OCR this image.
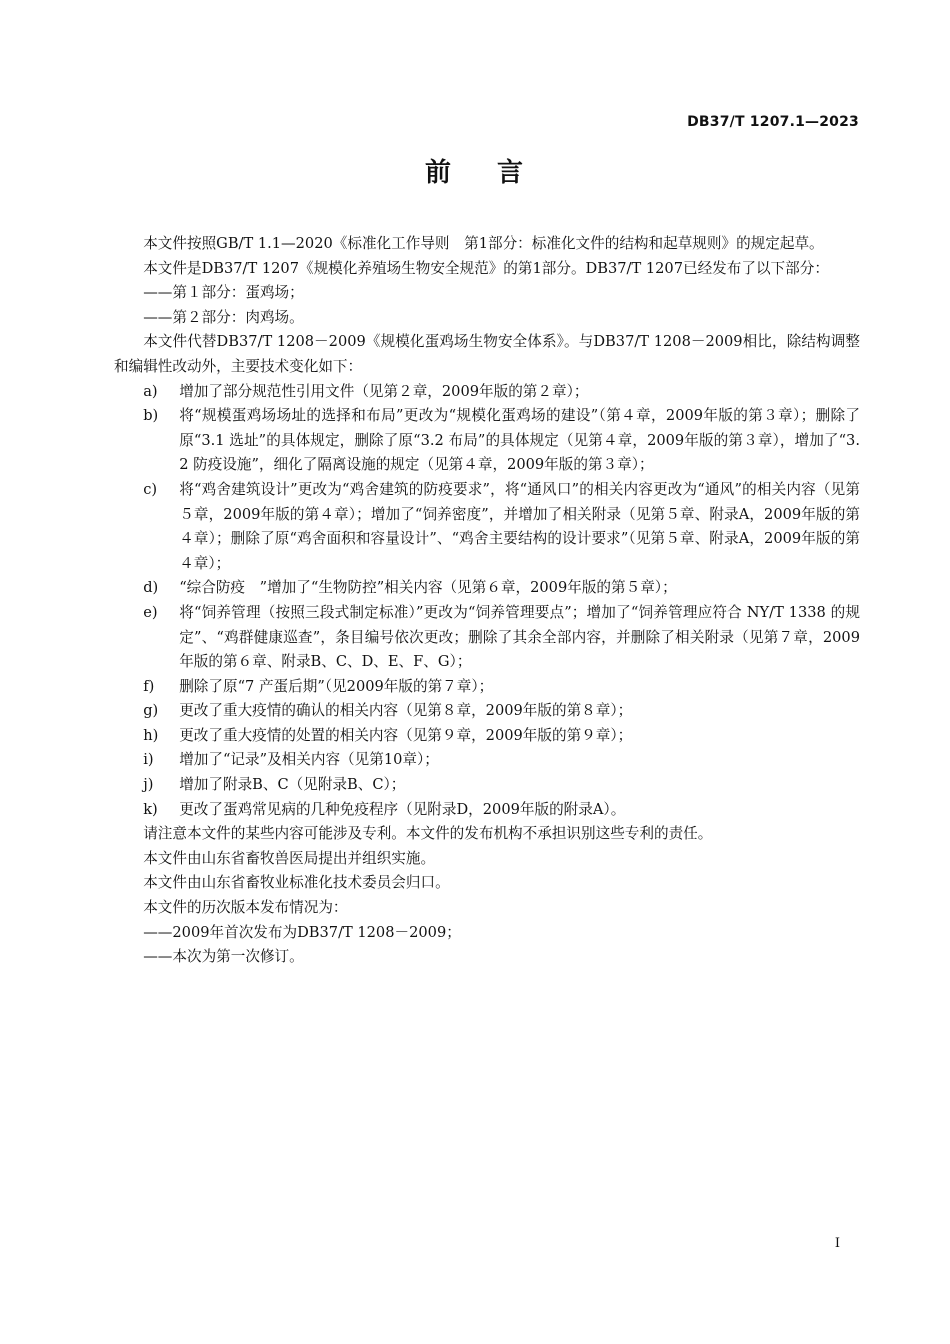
DB37/T 1207.1—2023
前 言

本文件按照GB/T 1.1—2020《标准化工作导则　第1部分：标准化文件的结构和起草规则》的规定起草。

本文件是DB37/T 1207《规模化养殖场生物安全规范》的第1部分。DB37/T 1207已经发布了以下部分：

——第１部分：蛋鸡场；

——第２部分：肉鸡场。

本文件代替DB37/T 1208－2009《规模化蛋鸡场生物安全体系》。与DB37/T 1208－2009相比，除结构调整和编辑性改动外，主要技术变化如下：

a)	增加了部分规范性引用文件（见第２章，2009年版的第２章）；
b)	将“规模蛋鸡场场址的选择和布局”更改为“规模化蛋鸡场的建设”（第４章，2009年版的第３章）；删除了原“3.1 选址”的具体规定，删除了原“3.2 布局”的具体规定（见第４章，2009年版的第３章），增加了“3.2 防疫设施”，细化了隔离设施的规定（见第４章，2009年版的第３章）；
c)	将“鸡舍建筑设计”更改为“鸡舍建筑的防疫要求”，将“通风口”的相关内容更改为“通风”的相关内容（见第５章，2009年版的第４章）；增加了“饲养密度”，并增加了相关附录（见第５章、附录A，2009年版的第４章）；删除了原“鸡舍面积和容量设计”、“鸡舍主要结构的设计要求”（见第５章、附录A，2009年版的第４章）；
d)	“综合防疫　”增加了“生物防控”相关内容（见第６章，2009年版的第５章）；
e)	将“饲养管理（按照三段式制定标准）”更改为“饲养管理要点”；增加了“饲养管理应符合 NY/T 1338 的规定”、“鸡群健康巡查”，条目编号依次更改；删除了其余全部内容，并删除了相关附录（见第７章，2009年版的第６章、附录B、C、D、E、F、G）；
f)	删除了原“7 产蛋后期”（见2009年版的第７章）；
g)	更改了重大疫情的确认的相关内容（见第８章，2009年版的第８章）；
h)	更改了重大疫情的处置的相关内容（见第９章，2009年版的第９章）；
i)	增加了“记录”及相关内容（见第10章）；
j)	增加了附录B、C（见附录B、C）；
k)	更改了蛋鸡常见病的几种免疫程序（见附录D，2009年版的附录A）。

请注意本文件的某些内容可能涉及专利。本文件的发布机构不承担识别这些专利的责任。

本文件由山东省畜牧兽医局提出并组织实施。

本文件由山东省畜牧业标准化技术委员会归口。

本文件的历次版本发布情况为：

——2009年首次发布为DB37/T 1208－2009；

——本次为第一次修订。

I
